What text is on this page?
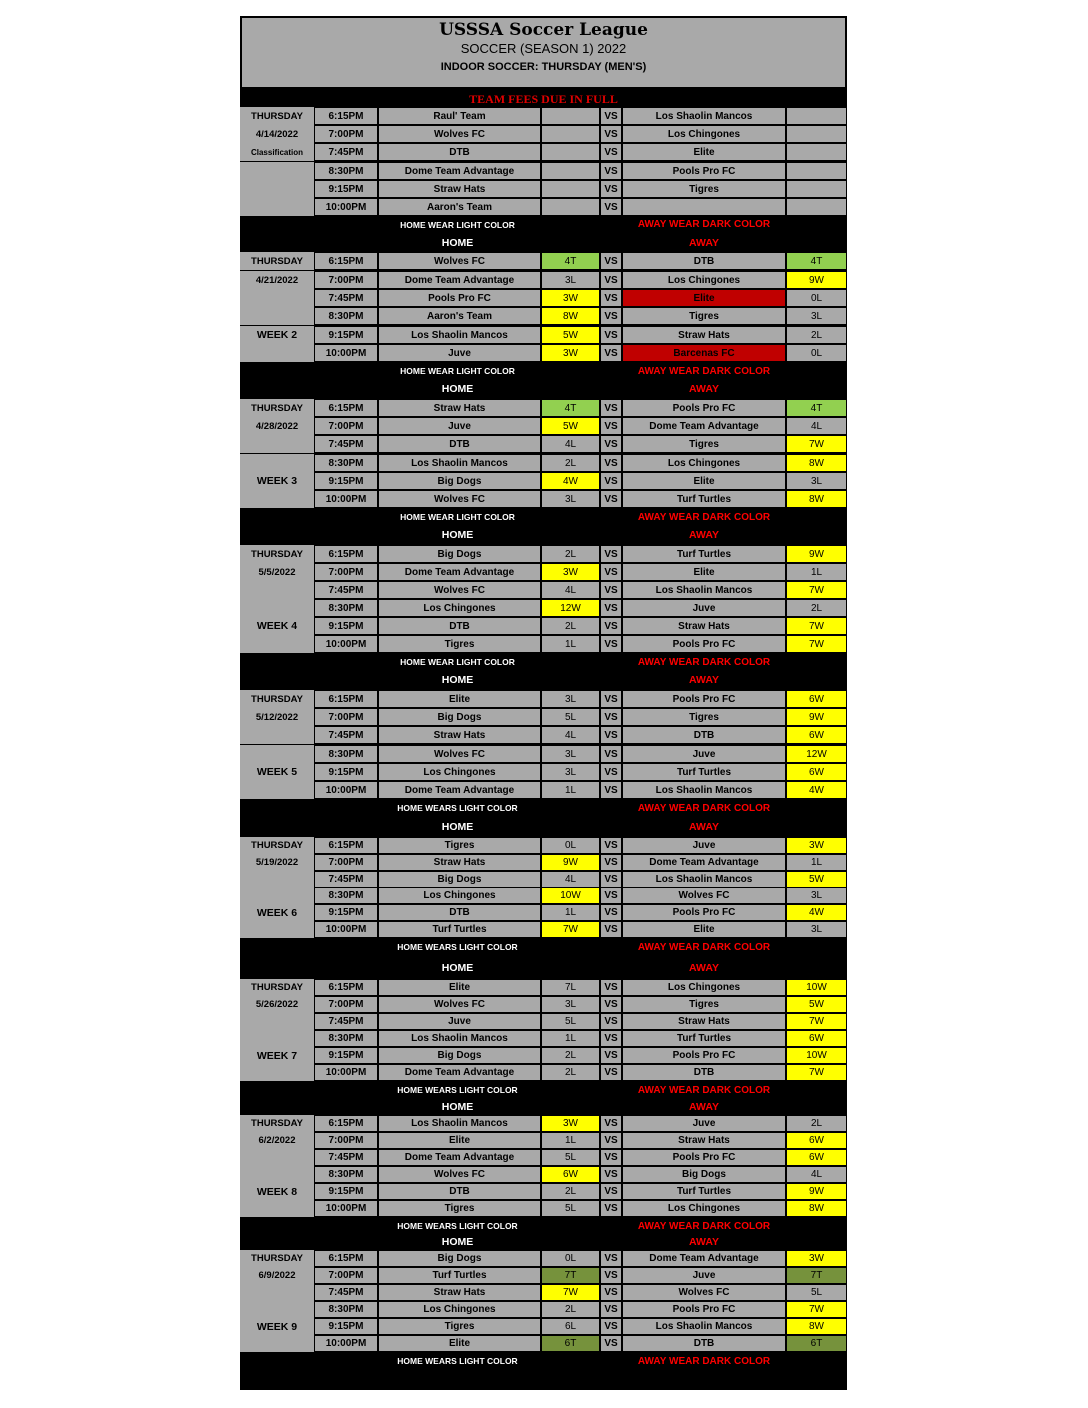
USSSA Soccer League
SOCCER (SEASON 1) 2022
INDOOR SOCCER: THURSDAY (MEN'S)
TEAM FEES DUE IN FULL
THURSDAY	6:15PM	Raul' Team	VS	Los Shaolin Mancos
4/14/2022	7:00PM	Wolves FC	VS	Los Chingones
Classification	7:45PM	DTB	VS	Elite
8:30PM	Dome Team Advantage	VS	Pools Pro FC
9:15PM	Straw Hats	VS	Tigres
10:00PM	Aaron's Team	VS
HOME WEAR LIGHT COLOR	AWAY WEAR DARK COLOR
HOME	AWAY
THURSDAY	6:15PM	Wolves FC	4T	VS	DTB	4T
4/21/2022	7:00PM	Dome Team Advantage	3L	VS	Los Chingones	9W
7:45PM	Pools Pro FC	3W	VS	Elite	0L
8:30PM	Aaron's Team	8W	VS	Tigres	3L
WEEK 2	9:15PM	Los Shaolin Mancos	5W	VS	Straw Hats	2L
10:00PM	Juve	3W	VS	Barcenas FC	0L
HOME WEAR LIGHT COLOR	AWAY WEAR DARK COLOR
HOME	AWAY
THURSDAY	6:15PM	Straw Hats	4T	VS	Pools Pro FC	4T
4/28/2022	7:00PM	Juve	5W	VS	Dome Team Advantage	4L
7:45PM	DTB	4L	VS	Tigres	7W
8:30PM	Los Shaolin Mancos	2L	VS	Los Chingones	8W
WEEK 3	9:15PM	Big Dogs	4W	VS	Elite	3L
10:00PM	Wolves FC	3L	VS	Turf Turtles	8W
HOME WEAR LIGHT COLOR	AWAY WEAR DARK COLOR
HOME	AWAY
THURSDAY	6:15PM	Big Dogs	2L	VS	Turf Turtles	9W
5/5/2022	7:00PM	Dome Team Advantage	3W	VS	Elite	1L
7:45PM	Wolves FC	4L	VS	Los Shaolin Mancos	7W
8:30PM	Los Chingones	12W	VS	Juve	2L
WEEK 4	9:15PM	DTB	2L	VS	Straw Hats	7W
10:00PM	Tigres	1L	VS	Pools Pro FC	7W
HOME WEAR LIGHT COLOR	AWAY WEAR DARK COLOR
HOME	AWAY
THURSDAY	6:15PM	Elite	3L	VS	Pools Pro FC	6W
5/12/2022	7:00PM	Big Dogs	5L	VS	Tigres	9W
7:45PM	Straw Hats	4L	VS	DTB	6W
8:30PM	Wolves FC	3L	VS	Juve	12W
WEEK 5	9:15PM	Los Chingones	3L	VS	Turf Turtles	6W
10:00PM	Dome Team Advantage	1L	VS	Los Shaolin Mancos	4W
HOME WEARS LIGHT COLOR	AWAY WEAR DARK COLOR
HOME	AWAY
THURSDAY	6:15PM	Tigres	0L	VS	Juve	3W
5/19/2022	7:00PM	Straw Hats	9W	VS	Dome Team Advantage	1L
7:45PM	Big Dogs	4L	VS	Los Shaolin Mancos	5W
8:30PM	Los Chingones	10W	VS	Wolves FC	3L
WEEK 6	9:15PM	DTB	1L	VS	Pools Pro FC	4W
10:00PM	Turf Turtles	7W	VS	Elite	3L
HOME WEARS LIGHT COLOR	AWAY WEAR DARK COLOR
HOME	AWAY
THURSDAY	6:15PM	Elite	7L	VS	Los Chingones	10W
5/26/2022	7:00PM	Wolves FC	3L	VS	Tigres	5W
7:45PM	Juve	5L	VS	Straw Hats	7W
8:30PM	Los Shaolin Mancos	1L	VS	Turf Turtles	6W
WEEK 7	9:15PM	Big Dogs	2L	VS	Pools Pro FC	10W
10:00PM	Dome Team Advantage	2L	VS	DTB	7W
HOME WEARS LIGHT COLOR	AWAY WEAR DARK COLOR
HOME	AWAY
THURSDAY	6:15PM	Los Shaolin Mancos	3W	VS	Juve	2L
6/2/2022	7:00PM	Elite	1L	VS	Straw Hats	6W
7:45PM	Dome Team Advantage	5L	VS	Pools Pro FC	6W
8:30PM	Wolves FC	6W	VS	Big Dogs	4L
WEEK 8	9:15PM	DTB	2L	VS	Turf Turtles	9W
10:00PM	Tigres	5L	VS	Los Chingones	8W
HOME WEARS LIGHT COLOR	AWAY WEAR DARK COLOR
HOME	AWAY
THURSDAY	6:15PM	Big Dogs	0L	VS	Dome Team Advantage	3W
6/9/2022	7:00PM	Turf Turtles	7T	VS	Juve	7T
7:45PM	Straw Hats	7W	VS	Wolves FC	5L
8:30PM	Los Chingones	2L	VS	Pools Pro FC	7W
WEEK 9	9:15PM	Tigres	6L	VS	Los Shaolin Mancos	8W
10:00PM	Elite	6T	VS	DTB	6T
HOME WEARS LIGHT COLOR	AWAY WEAR DARK COLOR
